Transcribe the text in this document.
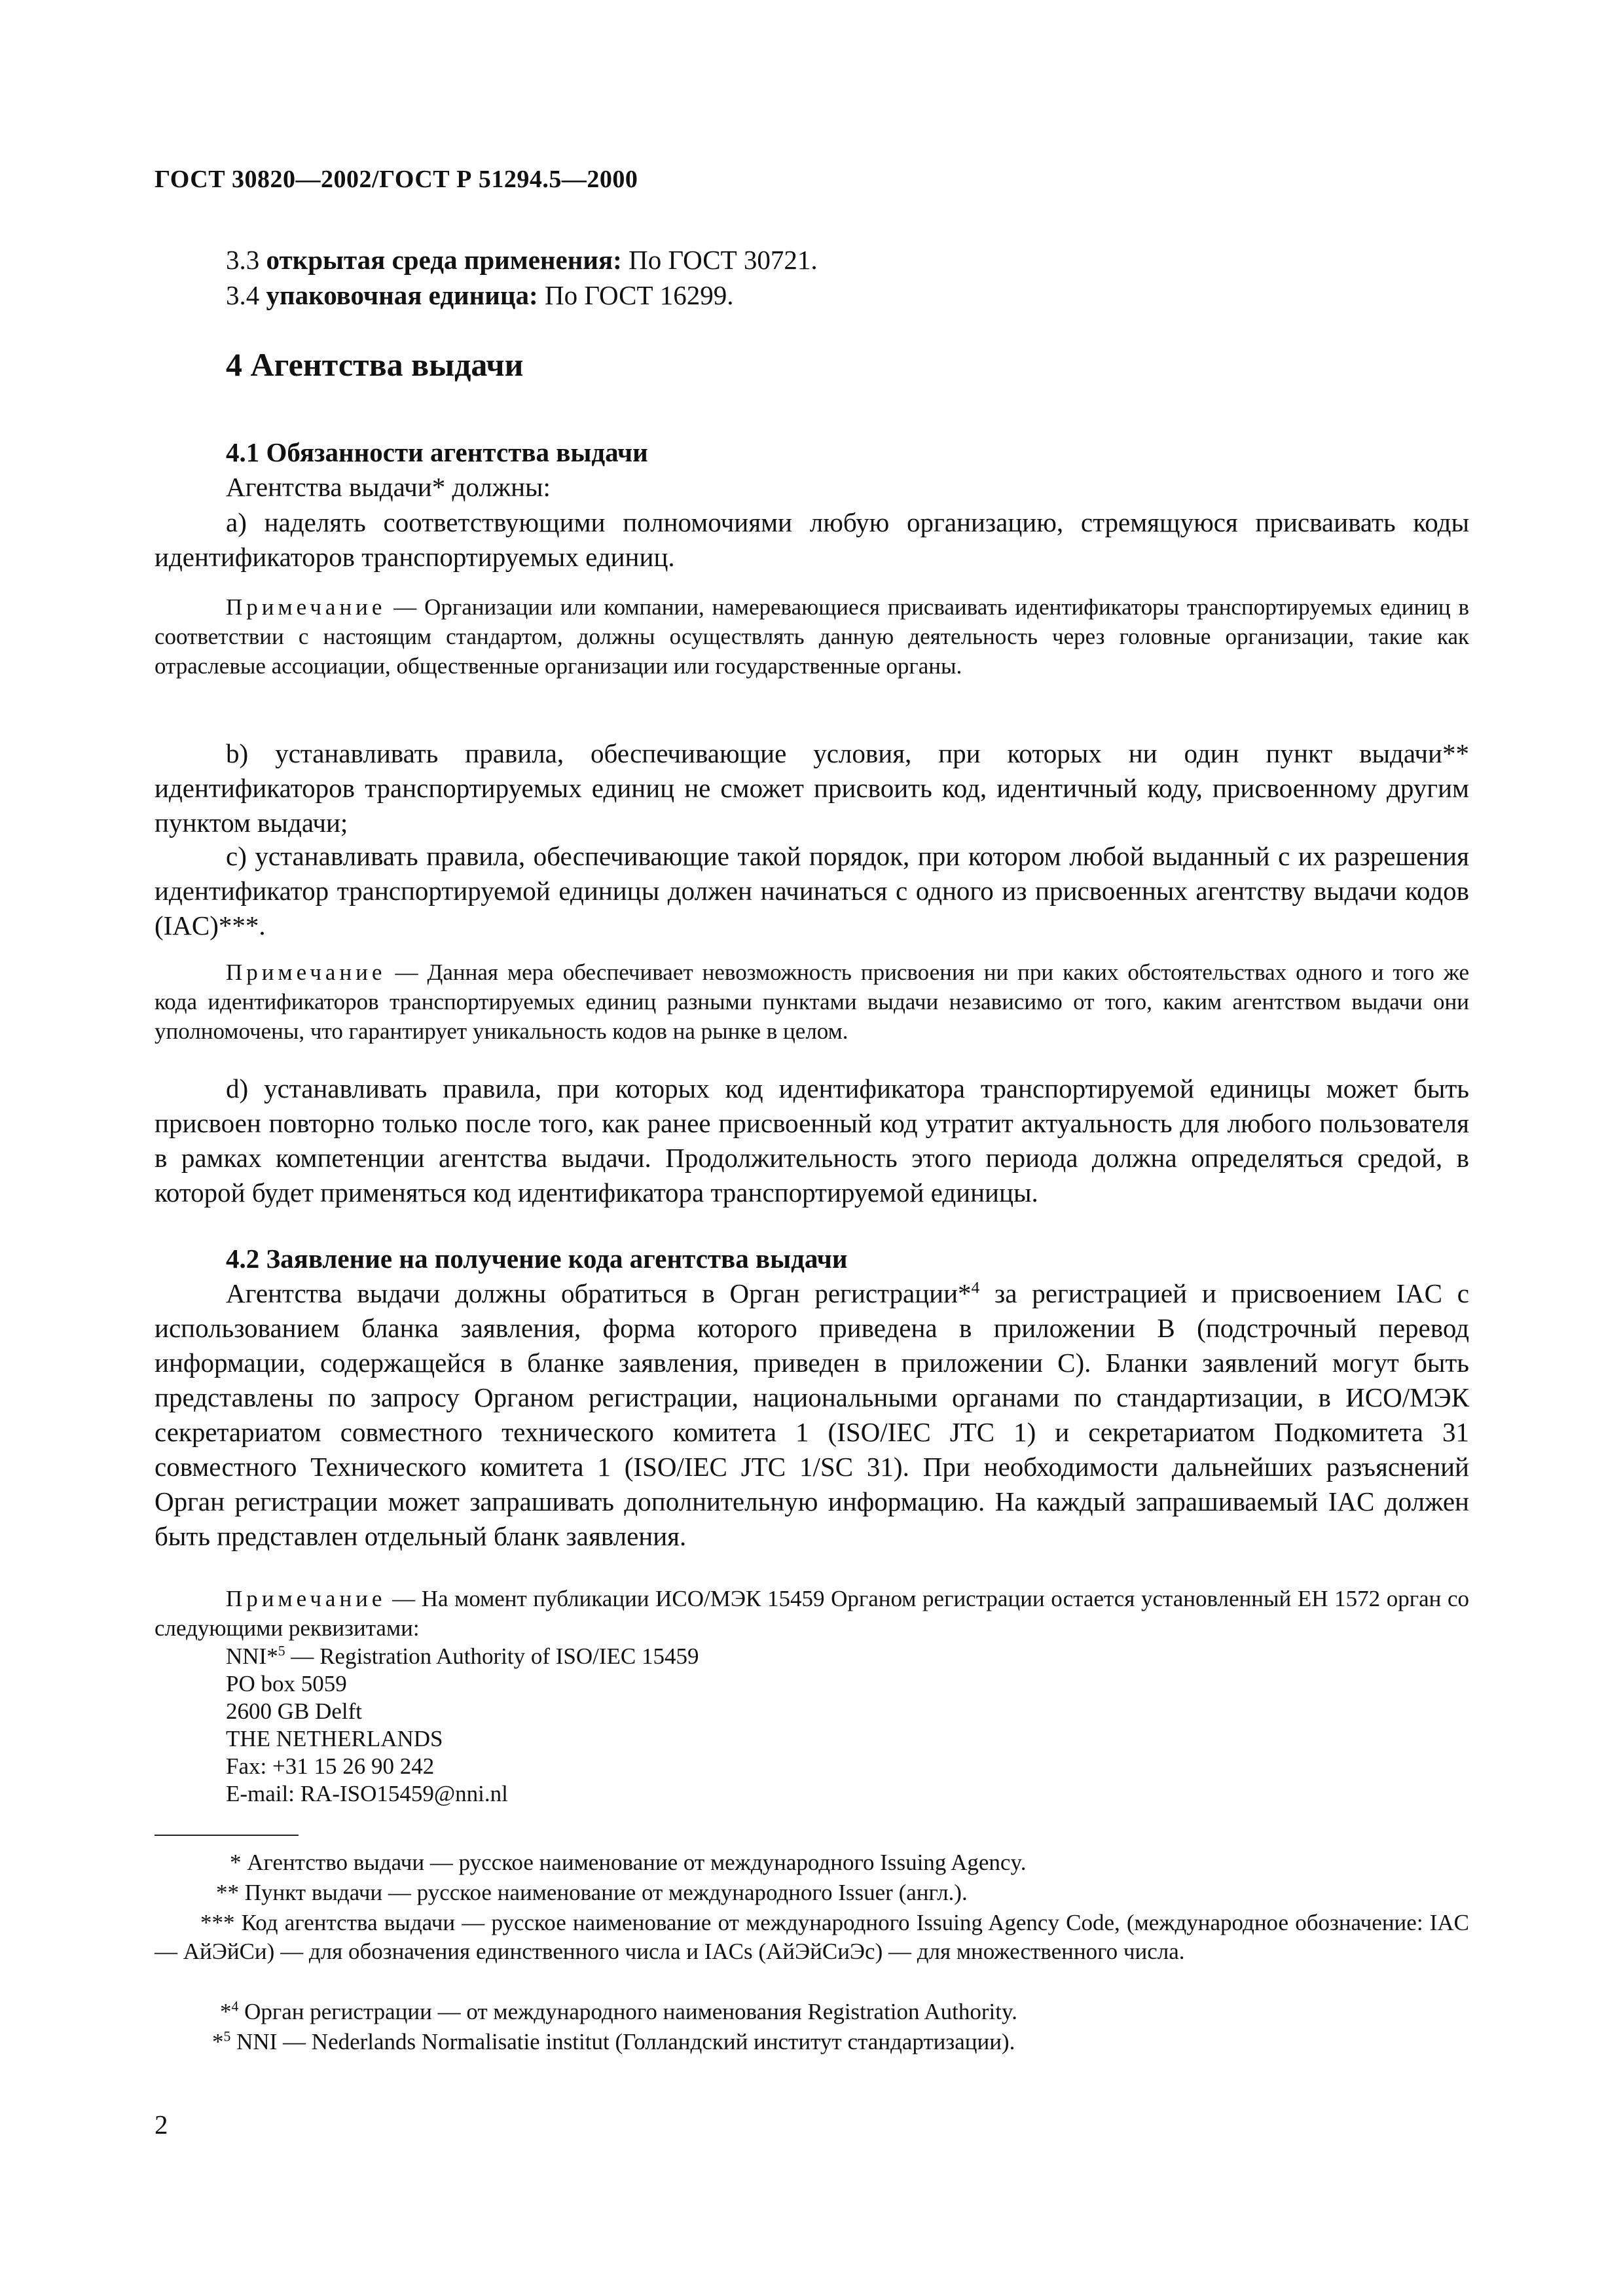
ГОСТ 30820—2002/ГОСТ Р 51294.5—2000
3.3 открытая среда применения: По ГОСТ 30721.
3.4 упаковочная единица: По ГОСТ 16299.
4 Агентства выдачи
4.1 Обязанности агентства выдачи
Агентства выдачи* должны:

а) наделять соответствующими полномочиями любую организацию, стремящуюся присваивать коды идентификаторов транспортируемых единиц.

Примечание — Организации или компании, намеревающиеся присваивать идентификаторы транспортируемых единиц в соответствии с настоящим стандартом, должны осуществлять данную деятельность через головные организации, такие как отраслевые ассоциации, общественные организации или государственные органы.

b) устанавливать правила, обеспечивающие условия, при которых ни один пункт выдачи** идентификаторов транспортируемых единиц не сможет присвоить код, идентичный коду, присвоенному другим пунктом выдачи;

с) устанавливать правила, обеспечивающие такой порядок, при котором любой выданный с их разрешения идентификатор транспортируемой единицы должен начинаться с одного из присвоенных агентству выдачи кодов (IAC)***.

Примечание — Данная мера обеспечивает невозможность присвоения ни при каких обстоятельствах одного и того же кода идентификаторов транспортируемых единиц разными пунктами выдачи независимо от того, каким агентством выдачи они уполномочены, что гарантирует уникальность кодов на рынке в целом.

d) устанавливать правила, при которых код идентификатора транспортируемой единицы может быть присвоен повторно только после того, как ранее присвоенный код утратит актуальность для любого пользователя в рамках компетенции агентства выдачи. Продолжительность этого периода должна определяться средой, в которой будет применяться код идентификатора транспортируемой единицы.

4.2 Заявление на получение кода агентства выдачи

Агентства выдачи должны обратиться в Орган регистрации*$^4$ за регистрацией и присвоением IAC с использованием бланка заявления, форма которого приведена в приложении В (подстрочный перевод информации, содержащейся в бланке заявления, приведен в приложении С). Бланки заявлений могут быть представлены по запросу Органом регистрации, национальными органами по стандартизации, в ИСО/МЭК секретариатом совместного технического комитета 1 (ISO/IEC JTC 1) и секретариатом Подкомитета 31 совместного Технического комитета 1 (ISO/IEC JTC 1/SC 31). При необходимости дальнейших разъяснений Орган регистрации может запрашивать дополнительную информацию. На каждый запрашиваемый IAC должен быть представлен отдельный бланк заявления.

Примечание — На момент публикации ИСО/МЭК 15459 Органом регистрации остается установленный ЕН 1572 орган со следующими реквизитами:

NNI*$^5$ — Registration Authority of ISO/IEC 15459
PO box 5059
2600 GB Delft
THE NETHERLANDS
Fax: +31 15 26 90 242
E-mail: RA-ISO15459@nni.nl

* Агентство выдачи — русское наименование от международного Issuing Agency.

** Пункт выдачи — русское наименование от международного Issuer (англ.).

*** Код агентства выдачи — русское наименование от международного Issuing Agency Code, (международное обозначение: IAC — АйЭйСи) — для обозначения единственного числа и IACs (АйЭйСиЭс) — для множественного числа.

*$^4$ Орган регистрации — от международного наименования Registration Authority.

*$^5$ NNI — Nederlands Normalisatie institut (Голландский институт стандартизации).

2
